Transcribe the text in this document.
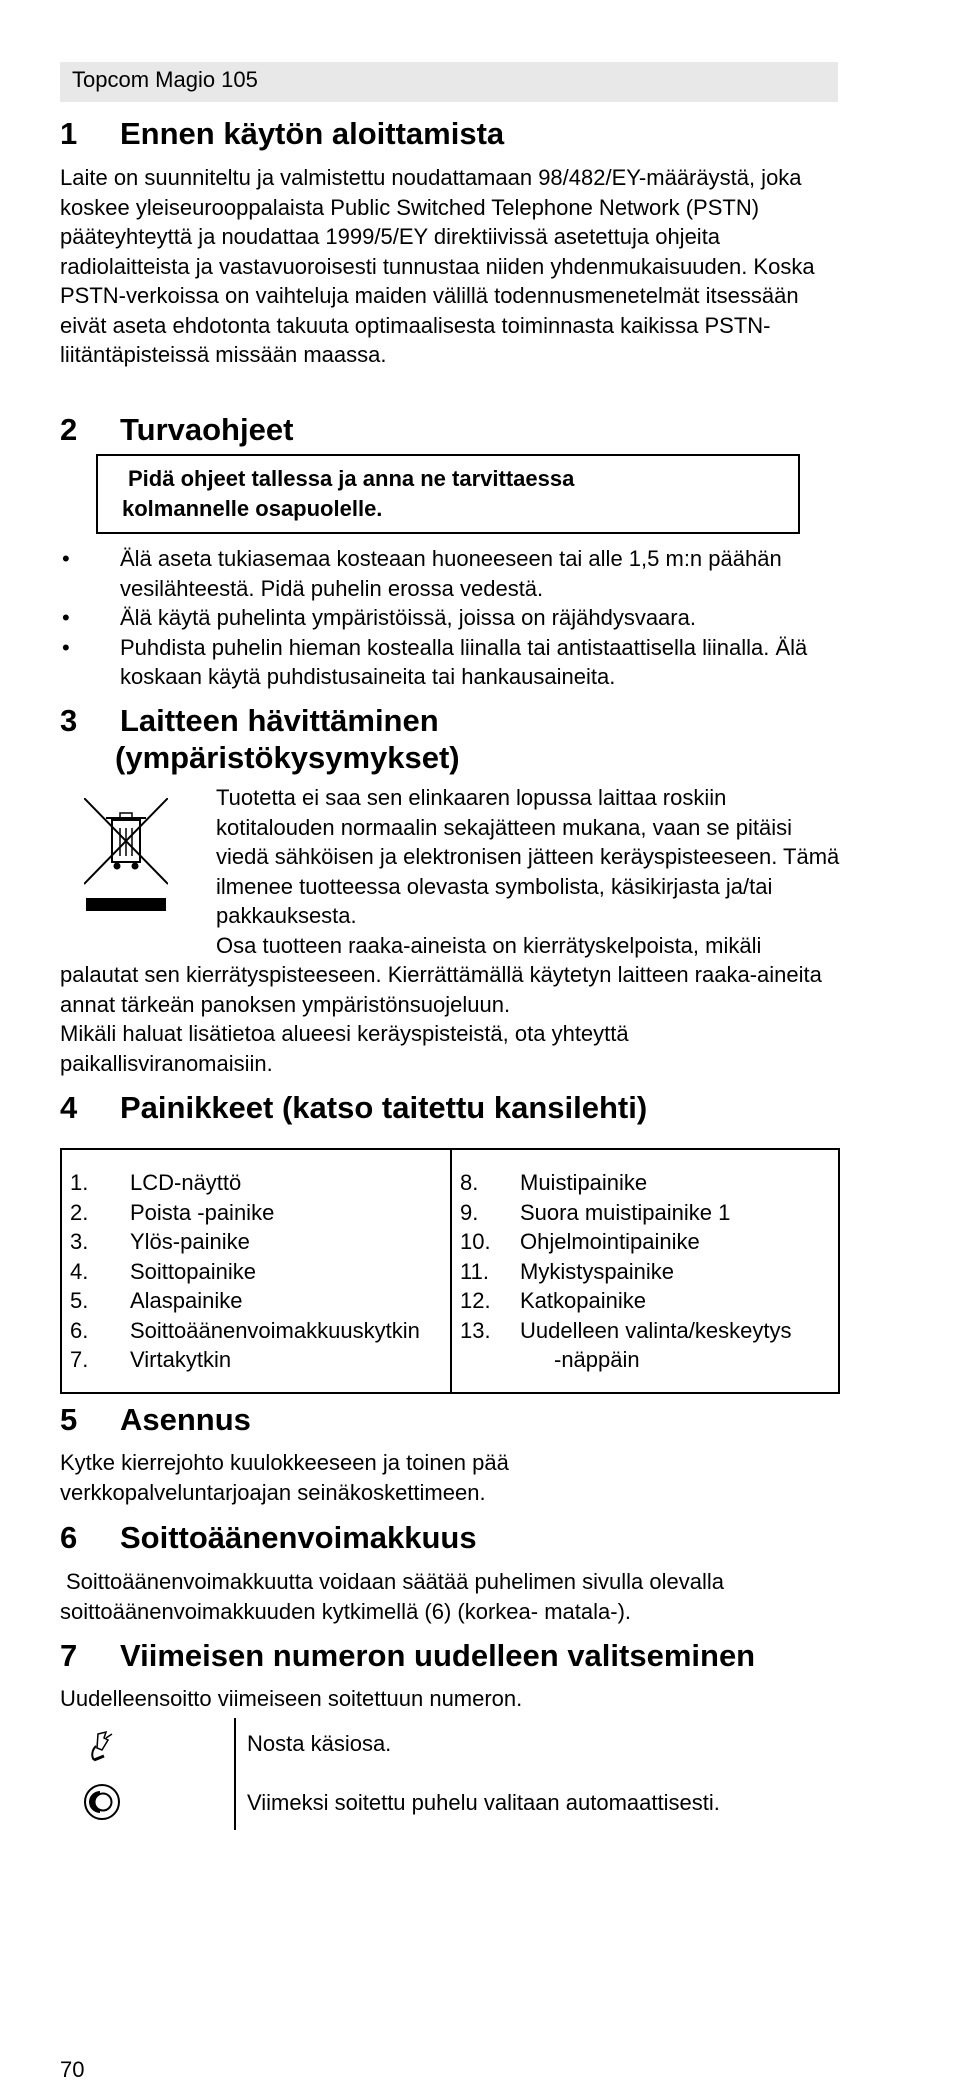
Topcom Magio 105
1 Ennen käytön aloittamista
Laite on suunniteltu ja valmistettu noudattamaan 98/482/EY-määräystä, joka koskee yleiseurooppalaista Public Switched Telephone Network (PSTN) pääteyhteyttä ja noudattaa 1999/5/EY direktiivissä asetettuja ohjeita radiolaitteista ja vastavuoroisesti tunnustaa niiden yhdenmukaisuuden. Koska PSTN-verkoissa on vaihteluja maiden välillä todennusmenetelmät itsessään eivät aseta ehdotonta takuuta optimaalisesta toiminnasta kaikissa PSTN-liitäntäpisteissä missään maassa.
2 Turvaohjeet
Pidä ohjeet tallessa ja anna ne tarvittaessa
kolmannelle osapuolelle.
• Älä aseta tukiasemaa kosteaan huoneeseen tai alle 1,5 m:n päähän vesilähteestä. Pidä puhelin erossa vedestä.
• Älä käytä puhelinta ympäristöissä, joissa on räjähdysvaara.
• Puhdista puhelin hieman kostealla liinalla tai antistaattisella liinalla. Älä koskaan käytä puhdistusaineita tai hankausaineita.
3 Laitteen hävittäminen
(ympäristökysymykset)
Tuotetta ei saa sen elinkaaren lopussa laittaa roskiin kotitalouden normaalin sekajätteen mukana, vaan se pitäisi viedä sähköisen ja elektronisen jätteen keräyspisteeseen. Tämä ilmenee tuotteessa olevasta symbolista, käsikirjasta ja/tai pakkauksesta.
Osa tuotteen raaka-aineista on kierrätyskelpoista, mikäli
palautat sen kierrätyspisteeseen. Kierrättämällä käytetyn laitteen raaka-aineita annat tärkeän panoksen ympäristönsuojeluun.
Mikäli haluat lisätietoa alueesi keräyspisteistä, ota yhteyttä paikallisviranomaisiin.
4 Painikkeet (katso taitettu kansilehti)
1.	LCD-näyttö
2.	Poista -painike
3.	Ylös-painike
4.	Soittopainike
5.	Alaspainike
6.	Soittoäänenvoimakkuuskytkin
7.	Virtakytkin
8.	Muistipainike
9.	Suora muistipainike 1
10.	Ohjelmointipainike
11.	Mykistyspainike
12.	Katkopainike
13.	Uudelleen valinta/keskeytys
-näppäin
5 Asennus
Kytke kierrejohto kuulokkeeseen ja toinen pää verkkopalveluntarjoajan seinäkoskettimeen.
6 Soittoäänenvoimakkuus
Soittoäänenvoimakkuutta voidaan säätää puhelimen sivulla olevalla soittoäänenvoimakkuuden kytkimellä (6) (korkea- matala-).
7 Viimeisen numeron uudelleen valitseminen
Uudelleensoitto viimeiseen soitettuun numeron.
Nosta käsiosa.
Viimeksi soitettu puhelu valitaan automaattisesti.
70
